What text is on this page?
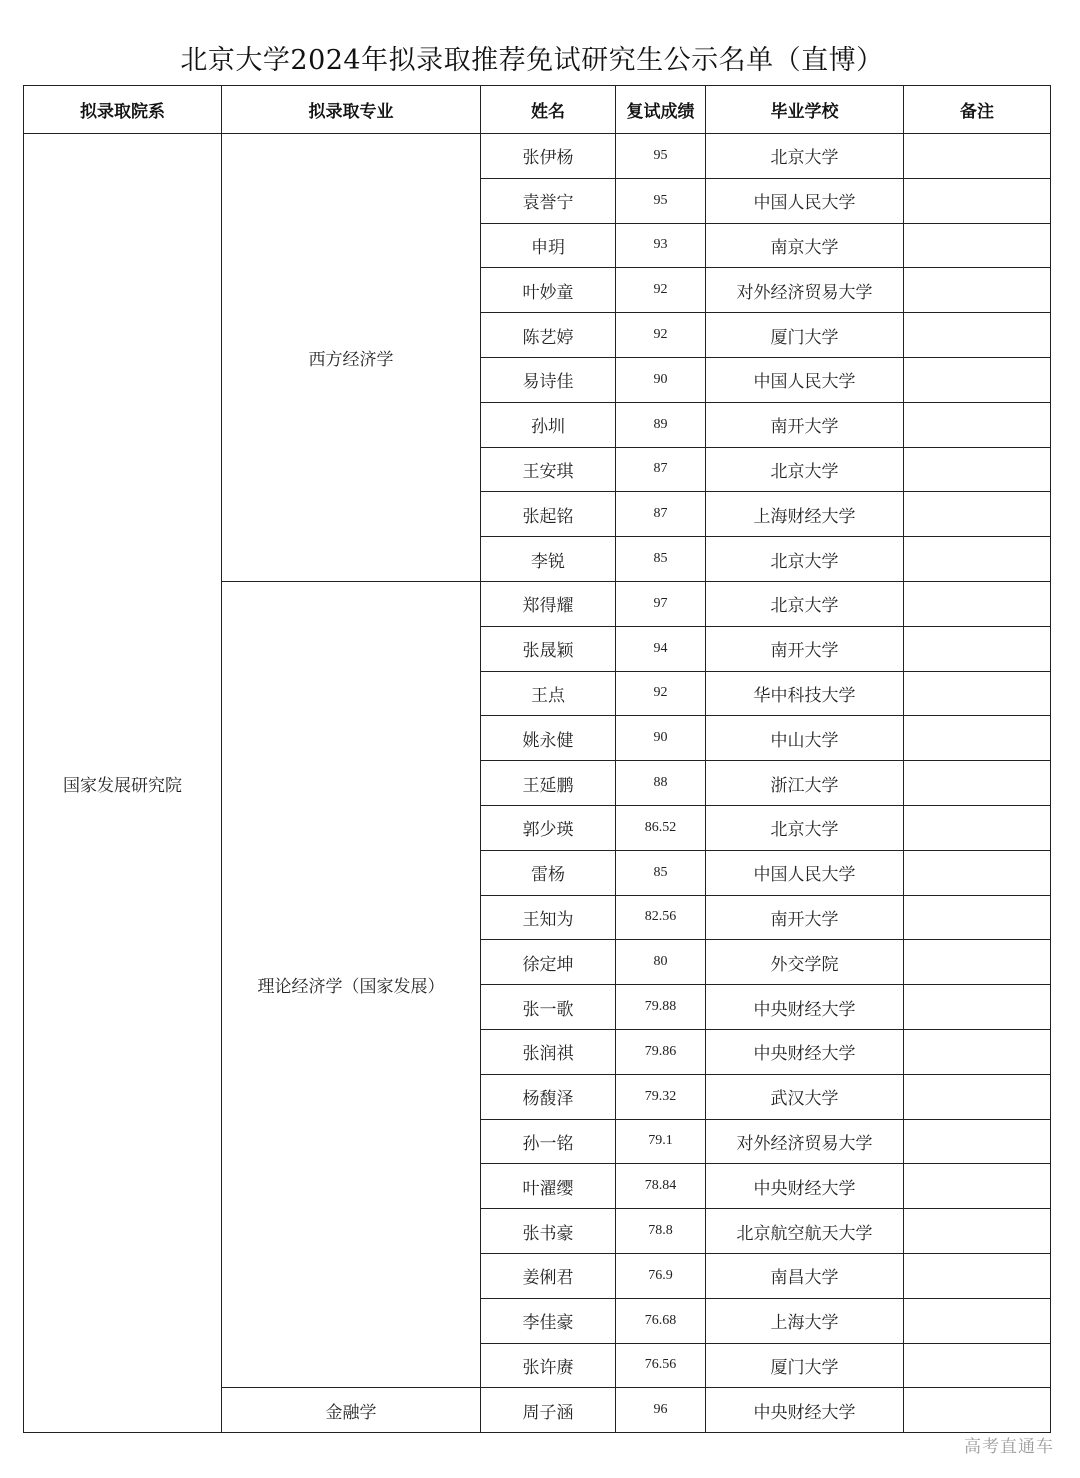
北京大学2024年拟录取推荐免试研究生公示名单（直博）
拟录取院系	拟录取专业	姓名	复试成绩	毕业学校	备注
国家发展研究院	西方经济学	张伊杨	95	北京大学	
		袁誉宁	95	中国人民大学	
		申玥	93	南京大学	
		叶妙童	92	对外经济贸易大学	
		陈艺婷	92	厦门大学	
		易诗佳	90	中国人民大学	
		孙圳	89	南开大学	
		王安琪	87	北京大学	
		张起铭	87	上海财经大学	
		李锐	85	北京大学	
	理论经济学（国家发展）	郑得耀	97	北京大学	
		张晟颖	94	南开大学	
		王点	92	华中科技大学	
		姚永健	90	中山大学	
		王延鹏	88	浙江大学	
		郭少瑛	86.52	北京大学	
		雷杨	85	中国人民大学	
		王知为	82.56	南开大学	
		徐定坤	80	外交学院	
		张一歌	79.88	中央财经大学	
		张润祺	79.86	中央财经大学	
		杨馥泽	79.32	武汉大学	
		孙一铭	79.1	对外经济贸易大学	
		叶濯缨	78.84	中央财经大学	
		张书豪	78.8	北京航空航天大学	
		姜俐君	76.9	南昌大学	
		李佳豪	76.68	上海大学	
		张许赓	76.56	厦门大学	
	金融学	周子涵	96	中央财经大学	
高考直通车
